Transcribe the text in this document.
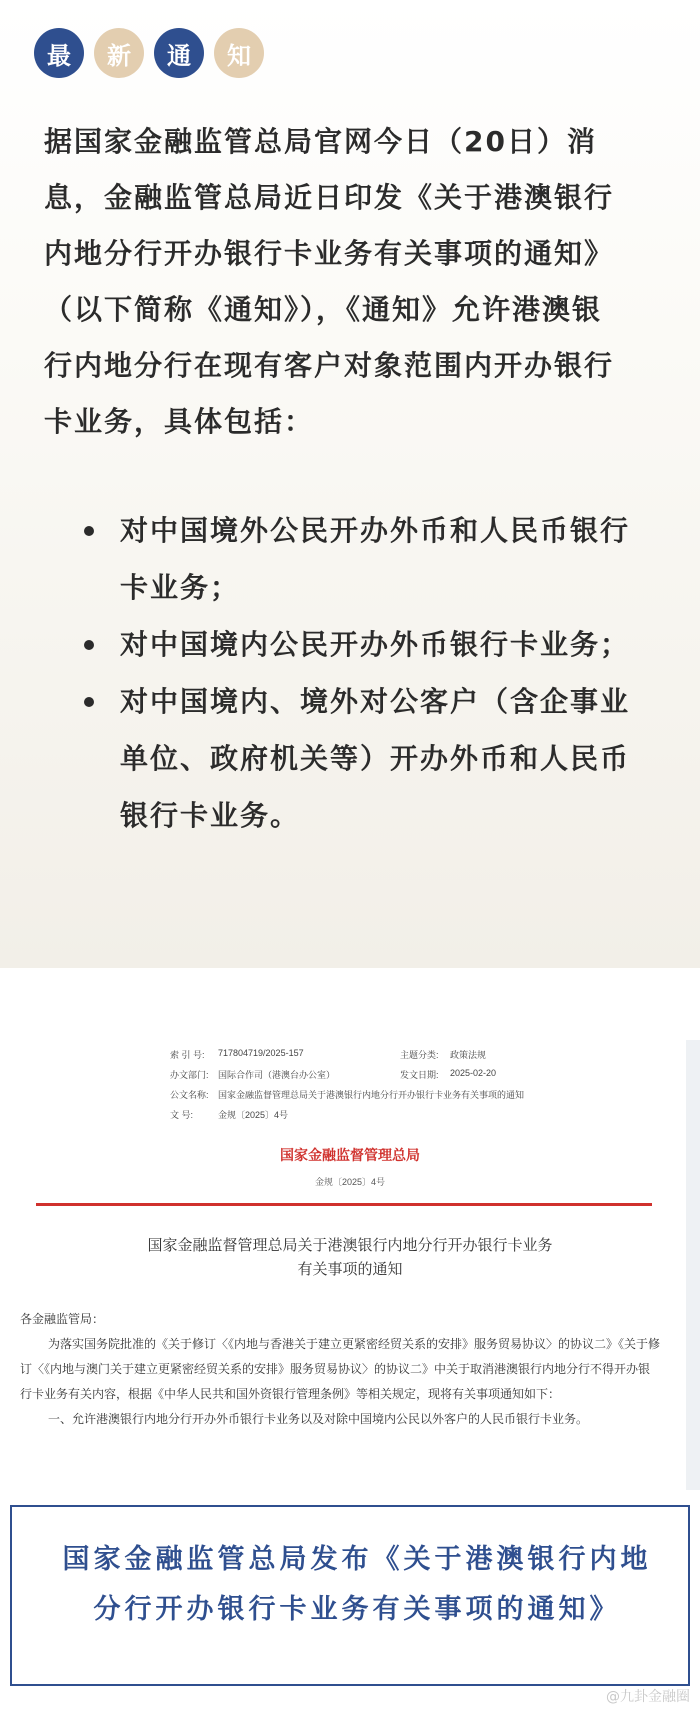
最	新	通	知
据国家金融监管总局官网今日（20日）消息，金融监管总局近日印发《关于港澳银行内地分行开办银行卡业务有关事项的通知》（以下简称《通知》），《通知》允许港澳银行内地分行在现有客户对象范围内开办银行卡业务，具体包括：
对中国境外公民开办外币和人民币银行卡业务；
对中国境内公民开办外币银行卡业务；
对中国境内、境外对公客户（含企事业单位、政府机关等）开办外币和人民币银行卡业务。
索 引 号: 717804719/2025-157	主题分类: 政策法规
办文部门: 国际合作司（港澳台办公室）	发文日期: 2025-02-20
公文名称: 国家金融监督管理总局关于港澳银行内地分行开办银行卡业务有关事项的通知
文 号:	金规〔2025〕4号
国家金融监督管理总局
金规〔2025〕4号
国家金融监督管理总局关于港澳银行内地分行开办银行卡业务
有关事项的通知

各金融监管局：

为落实国务院批准的《关于修订〈《内地与香港关于建立更紧密经贸关系的安排》服务贸易协议〉的协议二》《关于修订〈《内地与澳门关于建立更紧密经贸关系的安排》服务贸易协议〉的协议二》中关于取消港澳银行内地分行不得开办银行卡业务有关内容，根据《中华人民共和国外资银行管理条例》等相关规定，现将有关事项通知如下：

一、允许港澳银行内地分行开办外币银行卡业务以及对除中国境内公民以外客户的人民币银行卡业务。

国家金融监管总局发布《关于港澳银行内地分行开办银行卡业务有关事项的通知》
@九卦金融圈
